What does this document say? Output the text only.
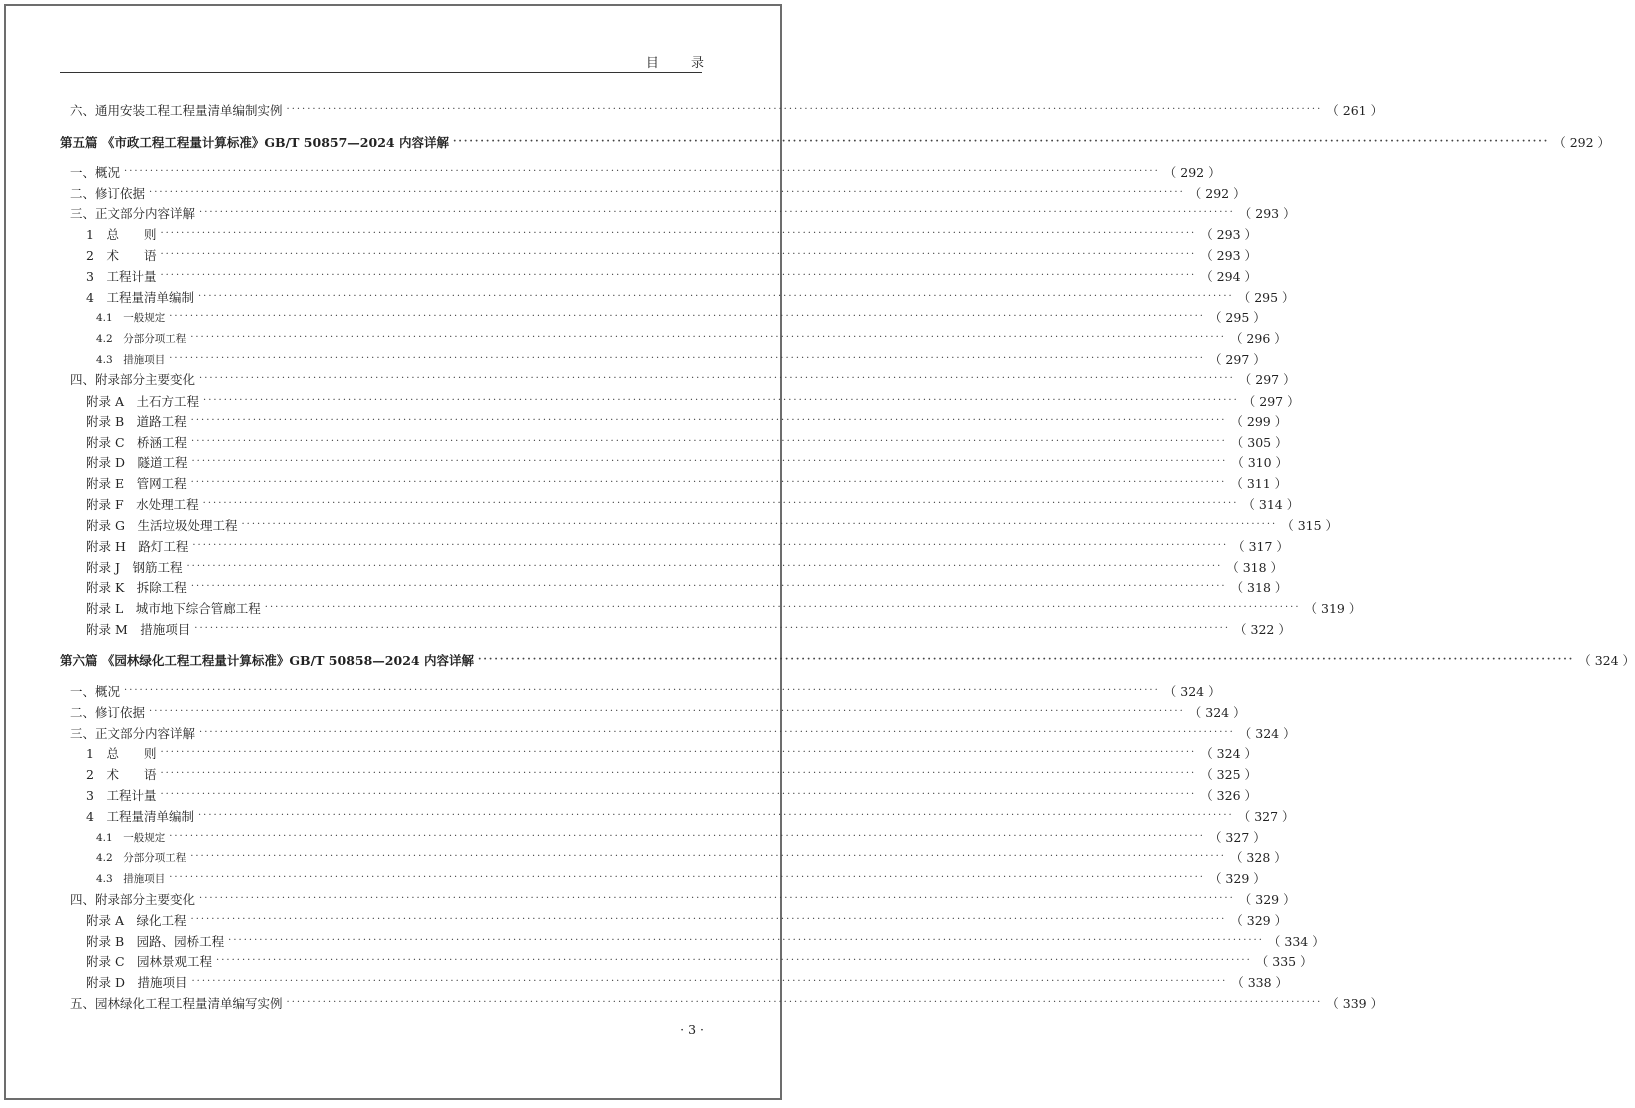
目 录
六、通用安装工程工程量清单编制实例 ········································································································································································································ （ 261 ）
第五篇 《市政工程工程量计算标准》GB/T 50857—2024 内容详解 ········································································································································································································ （ 292 ）
一、概况 ········································································································································································································ （ 292 ）
二、修订依据 ········································································································································································································ （ 292 ）
三、正文部分内容详解 ········································································································································································································ （ 293 ）
1　总　　则 ········································································································································································································ （ 293 ）
2　术　　语 ········································································································································································································ （ 293 ）
3　工程计量 ········································································································································································································ （ 294 ）
4　工程量清单编制 ········································································································································································································ （ 295 ）
4.1　一般规定 ········································································································································································································ （ 295 ）
4.2　分部分项工程 ········································································································································································································ （ 296 ）
4.3　措施项目 ········································································································································································································ （ 297 ）
四、附录部分主要变化 ········································································································································································································ （ 297 ）
附录 A　土石方工程 ········································································································································································································ （ 297 ）
附录 B　道路工程 ········································································································································································································ （ 299 ）
附录 C　桥涵工程 ········································································································································································································ （ 305 ）
附录 D　隧道工程 ········································································································································································································ （ 310 ）
附录 E　管网工程 ········································································································································································································ （ 311 ）
附录 F　水处理工程 ········································································································································································································ （ 314 ）
附录 G　生活垃圾处理工程 ········································································································································································································ （ 315 ）
附录 H　路灯工程 ········································································································································································································ （ 317 ）
附录 J　钢筋工程 ········································································································································································································ （ 318 ）
附录 K　拆除工程 ········································································································································································································ （ 318 ）
附录 L　城市地下综合管廊工程 ········································································································································································································ （ 319 ）
附录 M　措施项目 ········································································································································································································ （ 322 ）
第六篇 《园林绿化工程工程量计算标准》GB/T 50858—2024 内容详解 ········································································································································································································ （ 324 ）
一、概况 ········································································································································································································ （ 324 ）
二、修订依据 ········································································································································································································ （ 324 ）
三、正文部分内容详解 ········································································································································································································ （ 324 ）
1　总　　则 ········································································································································································································ （ 324 ）
2　术　　语 ········································································································································································································ （ 325 ）
3　工程计量 ········································································································································································································ （ 326 ）
4　工程量清单编制 ········································································································································································································ （ 327 ）
4.1　一般规定 ········································································································································································································ （ 327 ）
4.2　分部分项工程 ········································································································································································································ （ 328 ）
4.3　措施项目 ········································································································································································································ （ 329 ）
四、附录部分主要变化 ········································································································································································································ （ 329 ）
附录 A　绿化工程 ········································································································································································································ （ 329 ）
附录 B　园路、园桥工程 ········································································································································································································ （ 334 ）
附录 C　园林景观工程 ········································································································································································································ （ 335 ）
附录 D　措施项目 ········································································································································································································ （ 338 ）
五、园林绿化工程工程量清单编写实例 ········································································································································································································ （ 339 ）
· 3 ·
